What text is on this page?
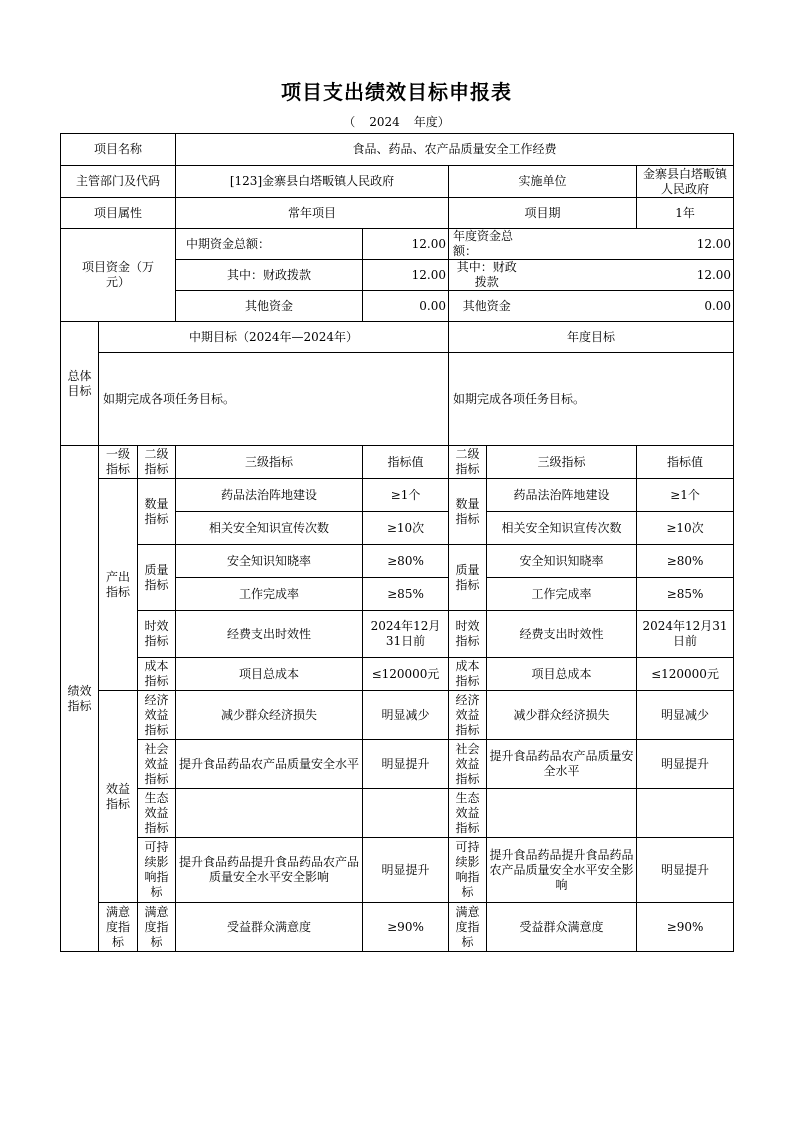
项目支出绩效目标申报表
（ 2024 年度）
项目名称			食品、药品、农产品质量安全工作经费					
主管部门及代码			[123]金寨县白塔畈镇人民政府		实施单位			金寨县白塔畈镇人民政府
项目属性			常年项目		项目期			1年
项目资金（万元）			中期资金总额：	12.00	年度资金总额：		12.00	
			其中：财政拨款	12.00	其中：财政拨款		12.00	
			其他资金	0.00	其他资金		0.00	
总体目标	中期目标（2024年—2024年）				年度目标			
	如期完成各项任务目标。				如期完成各项任务目标。			
绩效指标	一级指标	二级指标	三级指标	指标值	二级指标	三级指标		指标值
	产出指标	数量指标	药品法治阵地建设	≥1个	数量指标	药品法治阵地建设		≥1个
			相关安全知识宣传次数	≥10次		相关安全知识宣传次数		≥10次
		质量指标	安全知识知晓率	≥80%	质量指标	安全知识知晓率		≥80%
			工作完成率	≥85%		工作完成率		≥85%
		时效指标	经费支出时效性	2024年12月31日前	时效指标	经费支出时效性		2024年12月31日前
		成本指标	项目总成本	≤120000元	成本指标	项目总成本		≤120000元
	效益指标	经济效益指标	减少群众经济损失	明显减少	经济效益指标	减少群众经济损失		明显减少
		社会效益指标	提升食品药品农产品质量安全水平	明显提升	社会效益指标	提升食品药品农产品质量安全水平		明显提升
		生态效益指标			生态效益指标			
		可持续影响指标	提升食品药品提升食品药品农产品质量安全水平安全影响	明显提升	可持续影响指标	提升食品药品提升食品药品农产品质量安全水平安全影响		明显提升
	满意度指标	满意度指标	受益群众满意度	≥90%	满意度指标	受益群众满意度		≥90%
